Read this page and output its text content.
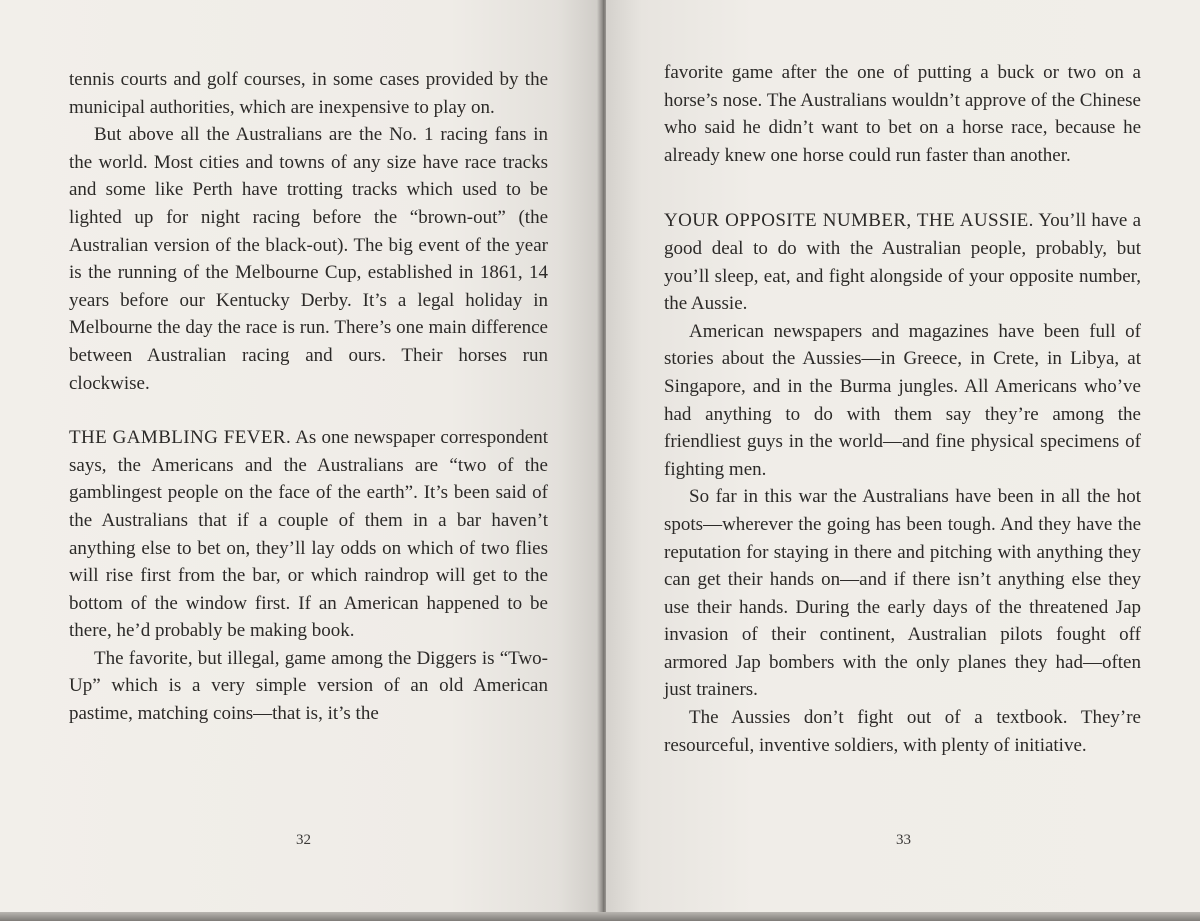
tennis courts and golf courses, in some cases provided by the municipal authorities, which are inexpensive to play on.

But above all the Australians are the No. 1 racing fans in the world. Most cities and towns of any size have race tracks and some like Perth have trotting tracks which used to be lighted up for night racing before the “brown-out” (the Australian version of the black-out). The big event of the year is the running of the Melbourne Cup, established in 1861, 14 years before our Kentucky Derby. It’s a legal holiday in Melbourne the day the race is run. There’s one main difference between Australian racing and ours. Their horses run clockwise.

THE GAMBLING FEVER. As one newspaper correspondent says, the Americans and the Australians are “two of the gamblingest people on the face of the earth”. It’s been said of the Australians that if a couple of them in a bar haven’t anything else to bet on, they’ll lay odds on which of two flies will rise first from the bar, or which raindrop will get to the bottom of the window first. If an American happened to be there, he’d probably be making book.

The favorite, but illegal, game among the Diggers is “Two-Up” which is a very simple version of an old American pastime, matching coins—that is, it’s the

32

favorite game after the one of putting a buck or two on a horse’s nose. The Australians wouldn’t approve of the Chinese who said he didn’t want to bet on a horse race, because he already knew one horse could run faster than another.

YOUR OPPOSITE NUMBER, THE AUSSIE. You’ll have a good deal to do with the Australian people, probably, but you’ll sleep, eat, and fight alongside of your opposite number, the Aussie.

American newspapers and magazines have been full of stories about the Aussies—in Greece, in Crete, in Libya, at Singapore, and in the Burma jungles. All Americans who’ve had anything to do with them say they’re among the friendliest guys in the world—and fine physical specimens of fighting men.

So far in this war the Australians have been in all the hot spots—wherever the going has been tough. And they have the reputation for staying in there and pitching with anything they can get their hands on—and if there isn’t anything else they use their hands. During the early days of the threatened Jap invasion of their continent, Australian pilots fought off armored Jap bombers with the only planes they had—often just trainers.

The Aussies don’t fight out of a textbook. They’re resourceful, inventive soldiers, with plenty of initiative.

33
